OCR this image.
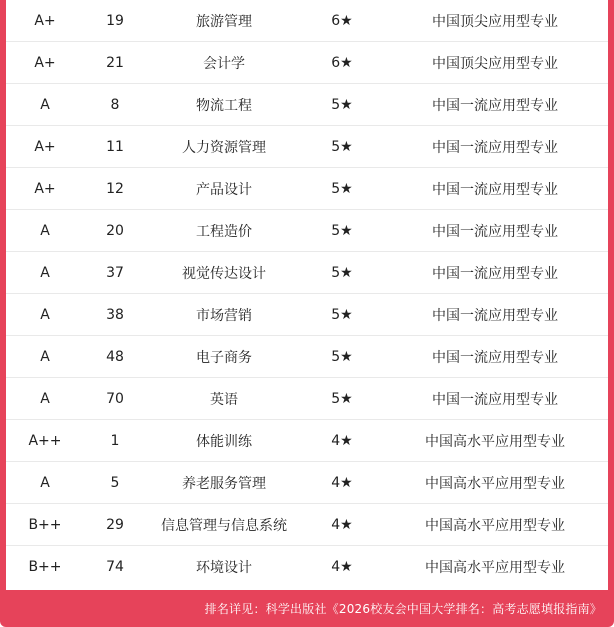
A+	19	旅游管理	6★	中国顶尖应用型专业
A+	21	会计学	6★	中国顶尖应用型专业
A	8	物流工程	5★	中国一流应用型专业
A+	11	人力资源管理	5★	中国一流应用型专业
A+	12	产品设计	5★	中国一流应用型专业
A	20	工程造价	5★	中国一流应用型专业
A	37	视觉传达设计	5★	中国一流应用型专业
A	38	市场营销	5★	中国一流应用型专业
A	48	电子商务	5★	中国一流应用型专业
A	70	英语	5★	中国一流应用型专业
A++	1	体能训练	4★	中国高水平应用型专业
A	5	养老服务管理	4★	中国高水平应用型专业
B++	29	信息管理与信息系统	4★	中国高水平应用型专业
B++	74	环境设计	4★	中国高水平应用型专业
排名详见：科学出版社《2026校友会中国大学排名：高考志愿填报指南》
